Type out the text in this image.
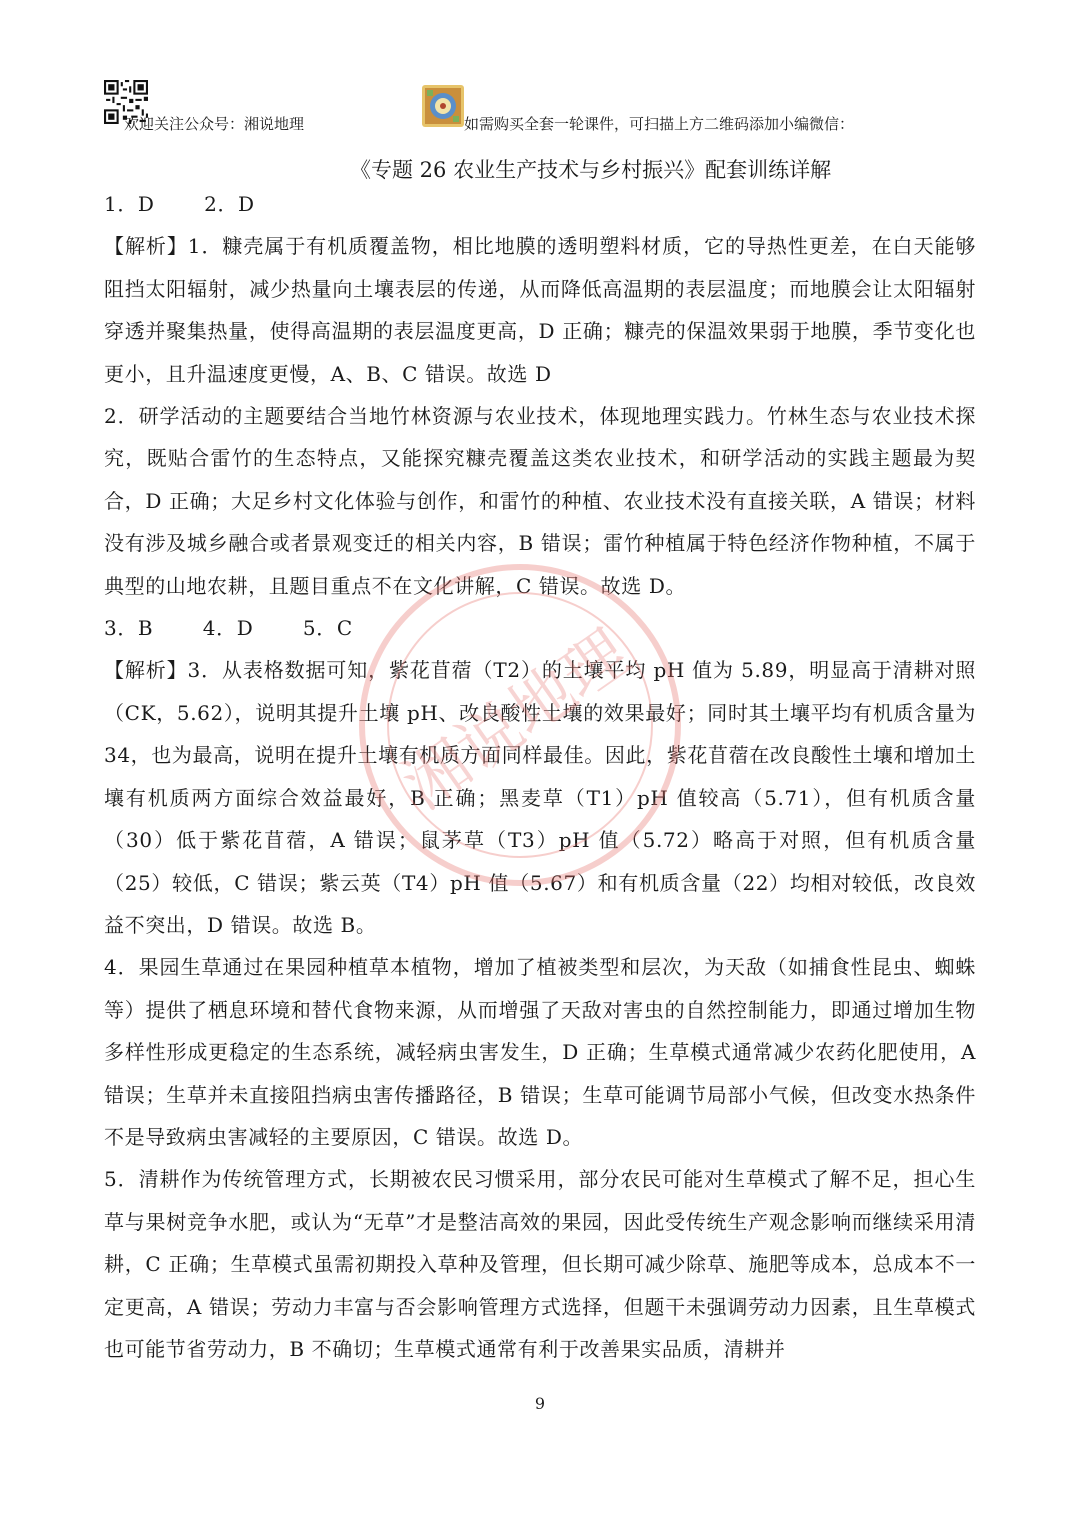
欢迎关注公众号：湘说地理	如需购买全套一轮课件，可扫描上方二维码添加小编微信：
《专题 26 农业生产技术与乡村振兴》配套训练详解

1．D　 2．D

【解析】1．糠壳属于有机质覆盖物，相比地膜的透明塑料材质，它的导热性更差，在白天能够阻挡太阳辐射，减少热量向土壤表层的传递，从而降低高温期的表层温度；而地膜会让太阳辐射穿透并聚集热量，使得高温期的表层温度更高，D 正确；糠壳的保温效果弱于地膜，季节变化也更小，且升温速度更慢，A、B、C 错误。故选 D

2．研学活动的主题要结合当地竹林资源与农业技术，体现地理实践力。竹林生态与农业技术探究，既贴合雷竹的生态特点，又能探究糠壳覆盖这类农业技术，和研学活动的实践主题最为契合，D 正确；大足乡村文化体验与创作，和雷竹的种植、农业技术没有直接关联，A 错误；材料没有涉及城乡融合或者景观变迁的相关内容，B 错误；雷竹种植属于特色经济作物种植，不属于典型的山地农耕，且题目重点不在文化讲解，C 错误。故选 D。

3．B　 4．D　 5．C

【解析】3．从表格数据可知，紫花苜蓿（T2）的土壤平均 pH 值为 5.89，明显高于清耕对照（CK，5.62），说明其提升土壤 pH、改良酸性土壤的效果最好；同时其土壤平均有机质含量为 34，也为最高，说明在提升土壤有机质方面同样最佳。因此，紫花苜蓿在改良酸性土壤和增加土壤有机质两方面综合效益最好，B 正确；黑麦草（T1）pH 值较高（5.71），但有机质含量（30）低于紫花苜蓿，A 错误；鼠茅草（T3）pH 值（5.72）略高于对照，但有机质含量（25）较低，C 错误；紫云英（T4）pH 值（5.67）和有机质含量（22）均相对较低，改良效益不突出，D 错误。故选 B。

4．果园生草通过在果园种植草本植物，增加了植被类型和层次，为天敌（如捕食性昆虫、蜘蛛等）提供了栖息环境和替代食物来源，从而增强了天敌对害虫的自然控制能力，即通过增加生物多样性形成更稳定的生态系统，减轻病虫害发生，D 正确；生草模式通常减少农药化肥使用，A 错误；生草并未直接阻挡病虫害传播路径，B 错误；生草可能调节局部小气候，但改变水热条件不是导致病虫害减轻的主要原因，C 错误。故选 D。

5．清耕作为传统管理方式，长期被农民习惯采用，部分农民可能对生草模式了解不足，担心生草与果树竞争水肥，或认为“无草”才是整洁高效的果园，因此受传统生产观念影响而继续采用清耕，C 正确；生草模式虽需初期投入草种及管理，但长期可减少除草、施肥等成本，总成本不一定更高，A 错误；劳动力丰富与否会影响管理方式选择，但题干未强调劳动力因素，且生草模式也可能节省劳动力，B 不确切；生草模式通常有利于改善果实品质，清耕并

湘说地理
9
